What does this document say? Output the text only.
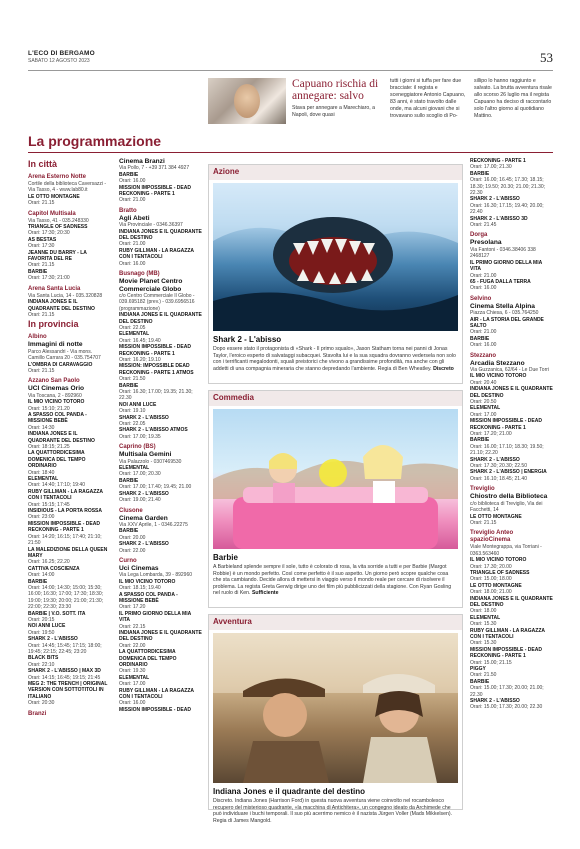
L'ECO DI BERGAMO
SABATO 12 AGOSTO 2023	53
Capuano rischia di annegare: salvo
Stava per annegare a Marechiaro, a Napoli, dove quasi
tutti i giorni si tuffa per fare due bracciate: il regista e sceneggiatore Antonio Capuano, 83 anni, è stato travolto dalle onde, ma alcuni giovani che si trovavano sullo scoglio di Po-
sillipo lo hanno raggiunto e salvato. La brutta avventura risale allo scorso 26 luglio ma il regista Capuano ha deciso di raccontarlo solo l'altro giorno al quotidiano Mattino.
La programmazione
In città
Arena Esterno Notte
Cortile della biblioteca Caversazzi - Via Tasso, 4 - www.lab80.it
LE OTTO MONTAGNE
Orari: 21.15
Capitol Multisala
Via Tasso, 41 - 035.248330
TRIANGLE OF SADNESS
Orari: 17:30; 20:30
AS BESTAS
Orari: 17:30
JEANNE DU BARRY - LA FAVORITA DEL RE
Orari: 21.15
BARBIE
Orari: 17:30; 21:00
Arena Santa Lucia
Via Santa Lucia, 14 - 035.320828
INDIANA JONES E IL QUADRANTE DEL DESTINO
Orari: 21.15
In provincia
Albino
Immagini di notte
Parco Alessandri - Via mons. Camillo Carrara 20 - 035.754707
L'OMBRA DI CARAVAGGIO
Orari: 21.15
Azzano San Paolo
UCI Cinemas Orio
Via Toscana, 2 - 892960
IL MIO VICINO TOTORO
Orari: 15:10; 21.20
A SPASSO COL PANDA - MISSIONE BEBÈ
Orari: 14:30
INDIANA JONES E IL QUADRANTE DEL DESTINO
Orari: 18:15; 21.25
LA QUATTORDICESIMA DOMENICA DEL TEMPO ORDINARIO
Orari: 18:40
ELEMENTAL
Orari: 14:40; 17:10; 19:40
RUBY GILLMAN - LA RAGAZZA CON I TENTACOLI
Orari: 15:15; 17:45
INSIDIOUS - LA PORTA ROSSA
Orari: 23:00
MISSION IMPOSSIBLE - DEAD RECKONING - PARTE 1
Orari: 14:20; 16:15; 17:40; 21:10; 21:50
LA MALEDIZIONE DELLA QUEEN MARY
Orari: 16.25; 22.20
CATTIVA COSCIENZA
Orari: 14:00
BARBIE
Orari: 14:00; 14:30; 15:00; 15:30; 16:00; 16:30; 17:00; 17:30; 18:30; 19:00; 19:30; 20:00; 21:00; 21:30; 22:00; 22:30; 23:30
BARBIE | V.O. SOTT. ITA
Orari: 20:15
NOI ANNI LUCE
Orari: 19:50
SHARK 2 - L'ABISSO
Orari: 14:45; 15:45; 17:15; 18:00; 19:45; 22:15; 22:45; 23:20
BLACK BITS
Orari: 22:10
SHARK 2 - L'ABISSO | MAX 3D
Orari: 14:15; 16:45; 19:15; 21:45
MEG 2: THE TRENCH | ORIGINAL VERSION CON SOTTOTITOLI IN ITALIANO
Orari: 20:30
Branzi
Cinema Branzi
Via Pollo, 7 - +39 371 384 4927
BARBIE
Orari: 16.00
MISSION IMPOSSIBLE - DEAD RECKONING - PARTE 1
Orari: 21.00
Bratto
Agli Abeti
Via Provinciale - 0346.36397
INDIANA JONES E IL QUADRANTE DEL DESTINO
Orari: 21.00
RUBY GILLMAN - LA RAGAZZA CON I TENTACOLI
Orari: 16.00
Busnago (MB)
Movie Planet Centro Commerciale Globo
c/o Centro Commerciale Il Globo - 039.695182 (prev.) - 039.6956516 (programmazione)
INDIANA JONES E IL QUADRANTE DEL DESTINO
Orari: 22.05
ELEMENTAL
Orari: 16.45; 19.40
MISSION IMPOSSIBLE - DEAD RECKONING - PARTE 1
Orari: 16.20; 19.10
MISSION: IMPOSSIBLE DEAD RECKONING - PARTE 1 ATMOS
Orari: 21.50
BARBIE
Orari: 16.30; 17.00; 19.35; 21.30; 22.30
NOI ANNI LUCE
Orari: 19.10
SHARK 2 - L'ABISSO
Orari: 22.05
SHARK 2 - L'ABISSO ATMOS
Orari: 17.00; 19.35
Caprino (BS)
Multisala Gemini
Via Palazzolo - 0307469530
ELEMENTAL
Orari: 17.00; 20.30
BARBIE
Orari: 17.00; 17.40; 19.45; 21.00
SHARK 2 - L'ABISSO
Orari: 19.00; 21.40
Clusone
Cinema Garden
Via XXV Aprile, 1 - 0346.22275
BARBIE
Orari: 20.00
SHARK 2 - L'ABISSO
Orari: 22.00
Curno
Uci Cinemas
Via Lega Lombarda, 39 - 892960
IL MIO VICINO TOTORO
Orari: 18.15; 19.40
A SPASSO COL PANDA - MISSIONE BEBÈ
Orari: 17.20
IL PRIMO GIORNO DELLA MIA VITA
Orari: 22.15
INDIANA JONES E IL QUADRANTE DEL DESTINO
Orari: 22.00
LA QUATTORDICESIMA DOMENICA DEL TEMPO ORDINARIO
Orari: 19.30
ELEMENTAL
Orari: 17.00
RUBY GILLMAN - LA RAGAZZA CON I TENTACOLI
Orari: 16.00
MISSION IMPOSSIBLE - DEAD
RECKONING - PARTE 1
Orari: 17.00; 21.30
BARBIE
Orari: 16.00; 16.45; 17.30; 18.15; 18.30; 19.50; 20.30; 21.00; 21.30; 22.30
SHARK 2 - L'ABISSO
Orari: 16.30; 17.15; 19.40; 20.00; 22.40
SHARK 2 - L'ABISSO 3D
Orari: 21.45
Dorga
Presolana
Via Fantoni - 0346.38406 338 2468127
IL PRIMO GIORNO DELLA MIA VITA
Orari: 21.00
65 - FUGA DALLA TERRA
Orari: 16.00
Selvino
Cinema Stella Alpina
Piazza Chiesa, 6 - 035.764250
AIR - LA STORIA DEL GRANDE SALTO
Orari: 21.00
BARBIE
Orari: 16.00
Stezzano
Arcadia Stezzano
Via Guzzanica, 62/64 - Le Due Torri
IL MIO VICINO TOTORO
Orari: 20.40
INDIANA JONES E IL QUADRANTE DEL DESTINO
Orari: 20.50
ELEMENTAL
Orari: 17.00
MISSION IMPOSSIBLE - DEAD RECKONING - PARTE 1
Orari: 17.20; 21.00
BARBIE
Orari: 16.00; 17.10; 18.30; 19.50; 21.10; 22.20
SHARK 2 - L'ABISSO
Orari: 17.30; 20.30; 22.50
SHARK 2 - L'ABISSO | ENERGIA
Orari: 16.10; 18.45; 21.40
Treviglio
Chiostro della Biblioteca
c/o biblioteca di Treviglio, Via dei Facchetti, 14
LE OTTO MONTAGNE
Orari: 21.15
Treviglio Anteo spazioCinema
Viale Montegrappa, via Torriani - 0363.563460
IL MIO VICINO TOTORO
Orari: 17.30; 20.00
TRIANGLE OF SADNESS
Orari: 15.00; 18.00
LE OTTO MONTAGNE
Orari: 18.00; 21.00
INDIANA JONES E IL QUADRANTE DEL DESTINO
Orari: 18.00
ELEMENTAL
Orari: 15.30
RUBY GILLMAN - LA RAGAZZA CON I TENTACOLI
Orari: 15.30
MISSION IMPOSSIBLE - DEAD RECKONING - PARTE 1
Orari: 15.00; 21.15
PIGGY
Orari: 21.50
BARBIE
Orari: 15.00; 17.30; 20.00; 21.00; 22.30
SHARK 2 - L'ABISSO
Orari: 15.00; 17.30; 20.00; 22.30
Azione
Shark 2 - L'abisso
Dopo essere stato il protagonista di «Shark - Il primo squalo», Jason Statham torna nei panni di Jonas Taylor, l'eroico esperto di salvataggi subacquei. Stavolta lui e la sua squadra dovranno vedersela non solo con i terrificanti megalodonti, squali preistorici che vivono a grandissime profondità, ma anche con gli addetti di una compagnia mineraria che stanno depredando l'ambiente. Regia di Ben Wheatley. Discreto
Commedia
Barbie
A Barbieland splende sempre il sole, tutto è colorato di rosa, la vita sorride a tutti e per Barbie (Margot Robbie) è un mondo perfetto. Così come perfetto è il suo aspetto. Un giorno però scopre qualche cosa che sta cambiando. Decide allora di mettersi in viaggio verso il mondo reale per cercare di risolvere il problema. La regista Greta Gerwig dirige uno dei film più pubblicizzati della stagione. Con Ryan Gosling nel ruolo di Ken. Sufficiente
Avventura
Indiana Jones e il quadrante del destino
Discreto. Indiana Jones (Harrison Ford) in questa nuova avventura viene coinvolto nel rocambolesco recupero del misterioso quadrante, «la macchina di Antichitera», un congegno ideato da Archimede che può individuare i buchi temporali. Il suo più acerrimo nemico è il nazista Jürgen Voller (Mads Mikkelsen). Regia di James Mangold.
